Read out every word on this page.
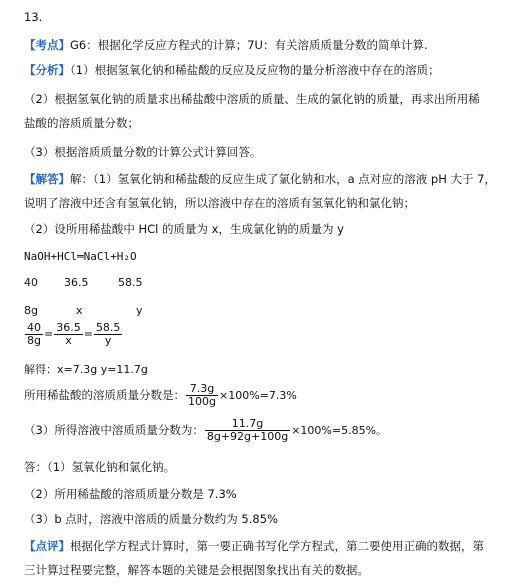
13.
【考点】G6：根据化学反应方程式的计算；7U：有关溶质质量分数的简单计算.
【分析】（1）根据氢氧化钠和稀盐酸的反应及反应物的量分析溶液中存在的溶质；
（2）根据氢氧化钠的质量求出稀盐酸中溶质的质量、生成的氯化钠的质量，再求出所用稀
盐酸的溶质质量分数；
（3）根据溶质质量分数的计算公式计算回答。
【解答】解：（1）氢氧化钠和稀盐酸的反应生成了氯化钠和水，a 点对应的溶液 pH 大于 7，
说明了溶液中还含有氢氧化钠，所以溶液中存在的溶质有氢氧化钠和氯化钠；
（2）设所用稀盐酸中 HCl 的质量为 x，生成氯化钠的质量为 y
NaOH+HCl═NaCl+H₂O
40 36.5	58.5
8g	x	y
$\frac{40}{8g} = \frac{36.5}{x} = \frac{58.5}{y}$
解得：x=7.3g y=11.7g
所用稀盐酸的溶质质量分数是： $\frac{7.3g}{100g} \times 100\%=7.3\%$
（3）所得溶液中溶质质量分数为： $\frac{11.7g}{8g+92g+100g} \times 100\%=5.85\%$。
答：（1）氢氧化钠和氯化钠。
（2）所用稀盐酸的溶质质量分数是 7.3%
（3）b 点时，溶液中溶质的质量分数约为 5.85%
【点评】根据化学方程式计算时，第一要正确书写化学方程式，第二要使用正确的数据，第
三计算过程要完整，解答本题的关键是会根据图象找出有关的数据。
